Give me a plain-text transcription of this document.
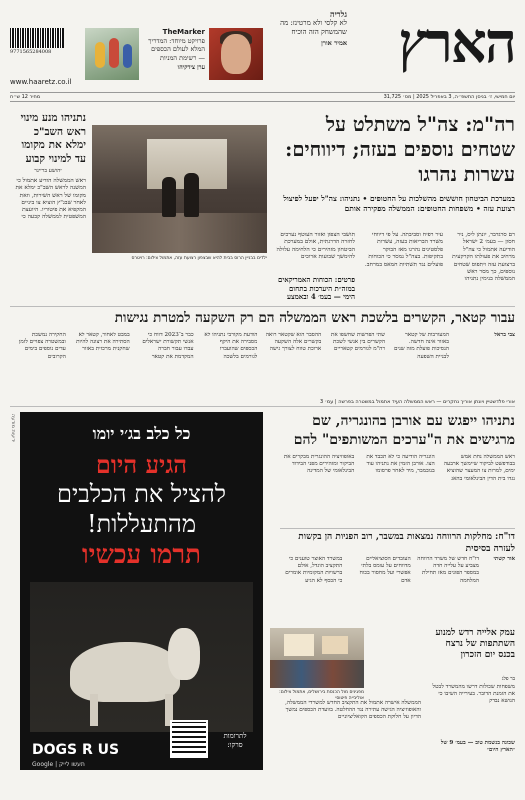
הארץ
גלריה
לא קלסי ולא מרטינז: מה שהמשחק הזה הוכיח
אמיר אורן
TheMarker
פרויקט מיוחד: המדריך המלא לעולם הכספים — רשימת המניות
ערן צידקיהו
9771565284008
www.haaretz.co.il
יום חמישי, ז׳ בניסן התשפ״ה, 3 באפריל 2025 | מס׳ 31,725
מחיר 12 ש״ח
רה"מ: צה"ל משתלט על שטחים נוספים בעזה; דיווחים: עשרות נהרגו
במערכת הביטחון חוששים מהשלכות על החטופים • נתניהו: צה"ל יפעל לפיצול רצועת עזה • משפחות החטופים: הממשלה מפקירה אותם
רם סרגדבר, יונתן ליס, ניר חסון — בעמ׳ 2 ישראל הודיעה אתמול כי צה"ל מרחיב את פעולתו הקרקעית ברצועת עזה ויתפוס שטחים נוספים, כך מסר ראש הממשלה בנימין נתניהו
עיר רפיח וסביבתה. על פי דיווחי משרד הבריאות בעזה, עשרות פלסטינים נהרגו מאז הבוקר בתקיפות. בצה"ל נמסר כי הכוחות פועלים נגד תשתיות חמאס במרחב.
תושבי הצפון ואזור העוטף נערכים לחזרה הדרגתית, אולם במערכת הביטחון מזהירים כי הלחימה עלולה להימשך שבועות ארוכים
פרטים: הכוחות האמריקאים במזה״ת היערכות בתחום הימי — בעמ׳ 4 ובאמצע
ילדים בבניין הרוס בבית להיא שבצפון רצועת עזה, אתמול צילום: רויטרס
נתניהו מנע מינוי ראש השב"כ ימלא את מקומו עד למינוי קבוע
יהושע בריינר
ראש הממשלה הודיע אתמול כי המשנה לראש השב"כ ימלא את מקומו של ראש השירות, וזאת לאחר שבג"ץ הוציא צו ביניים המקפיא את פיטוריו. היועצת המשפטית לממשלה קבעה כי
עבור קטאר, הקשרים בלשכת ראש הממשלה הם רק השקעה למטרת נגישות
צבי בראל
המעורבות של קטאר באזור אינה חדשה. הנסיכות פועלת מזה שנים לבניית השפעה
שתי הפרשות שחשפו את הקשרים בין אנשי לשכת רה"מ לגורמים קטאריים
ההסבר הוא שקטאר רואה בקשרים אלה השקעה ארוכת טווח לצורך גישה
הודעת מקורבי נתניהו לא מסבירה את היקף הכספים שהועברו לגורמים בלשכה
כבר ב־2023 דווח כי אנשי תקשורת ישראלים עבדו עבור חברה המקדמת את קטאר
במבט לאחור, קטאר לא הסתירה את רצונה להיות שחקנית מרכזית באזור
החקירה נמשכת ובמשטרה צפויים לזמן עדים נוספים בימים הקרובים
אורי פלדשטיין ויונתן אוריך נחקרים — ראש הממשלה העיד אתמול במשטרה בפרשה | עמ׳ 3
כל כלב בג׳י יומו
הגיע היום
להציל את הכלבים
מהתעללות!
תרמו עכשיו
לתרומות סרקו:
DOGS R US
Google | תעשו לייק
ידיעות מודעה	נתניהו ייפגש עם אורבן בהונגריה, שם מרגישים את ה"ערכים המשותפים" להם
ראש הממשלה נחת אמש בבודפשט לביקור שיימשך ארבעה ימים, למרות צו המעצר שהוציא נגדו בית הדין הבינלאומי בהאג
הונגריה הודיעה כי לא תכבד את הצו. אורבן הזמין את נתניהו עוד בנובמבר, מיד לאחר פרסומו
באופוזיציה ההונגרית מבקרים את הביקור ומזהירים מפני הבידוד הבינלאומי של המדינה
דו"ח: מחלקות הרווחה נמצאות במשבר, רוב הפניות הן בקשות לעזרה בסיסית
אור קשתי
דו"ח חדש של משרד הרווחה מצביע על עלייה חדה במספר הפונים מאז תחילת המלחמה
העובדים הסוציאליים מדווחים על עומס בלתי אפשרי ועל מחסור בכוח אדם
במשרד האוצר טוענים כי התקציב הוגדל, אולם ברשויות המקומיות אומרים כי הכסף לא הגיע
מפגינים מול הכנסת בירושלים, אתמול צילום: אוליבייה פיטוסי
עמק אלייה רדש למנוע השתתפות של נרצח בכנס יום הזכרון
בר פלג
משפחות שכולות דרשו מהמשרד לבטל את הזמנת הדובר. בעירייה השיבו כי הנושא נבדק
הממשלה אישרה אתמול את התקציב החדש למשרדי הממשלה, והאופוזיציה הגישה עתירה נגד ההחלטה. בוועדת הכספים נמשך הדיון על חלוקת הכספים הקואליציוניים
שכונה בנשמת טוב — בעמ׳ 9 של ״הארץ היום״
